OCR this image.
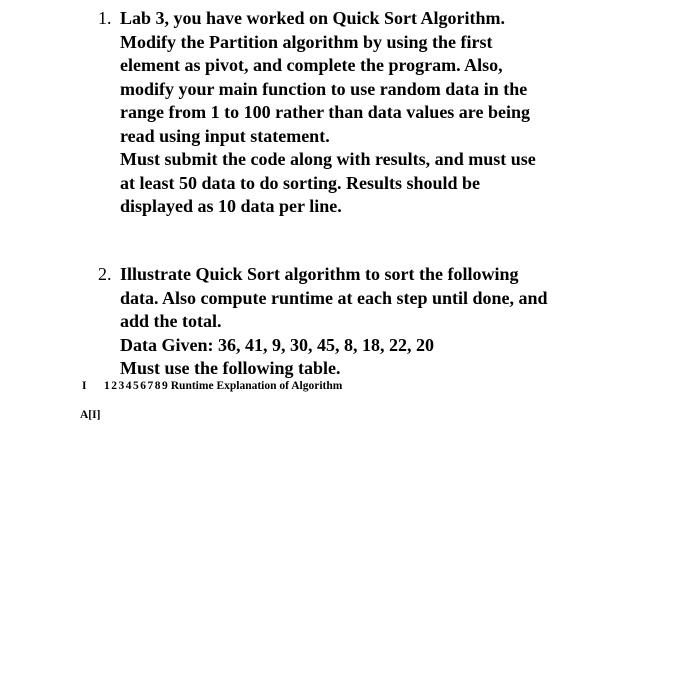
1. Lab 3, you have worked on Quick Sort Algorithm.
Modify the Partition algorithm by using the first
element as pivot, and complete the program. Also,
modify your main function to use random data in the
range from 1 to 100 rather than data values are being
read using input statement.
Must submit the code along with results, and must use
at least 50 data to do sorting. Results should be
displayed as 10 data per line.
2. Illustrate Quick Sort algorithm to sort the following
data. Also compute runtime at each step until done, and
add the total.
Data Given: 36, 41, 9, 30, 45, 8, 18, 22, 20
Must use the following table.
I 1 2 3 4 5 6 7 8 9 Runtime Explanation of Algorithm
A[I]
